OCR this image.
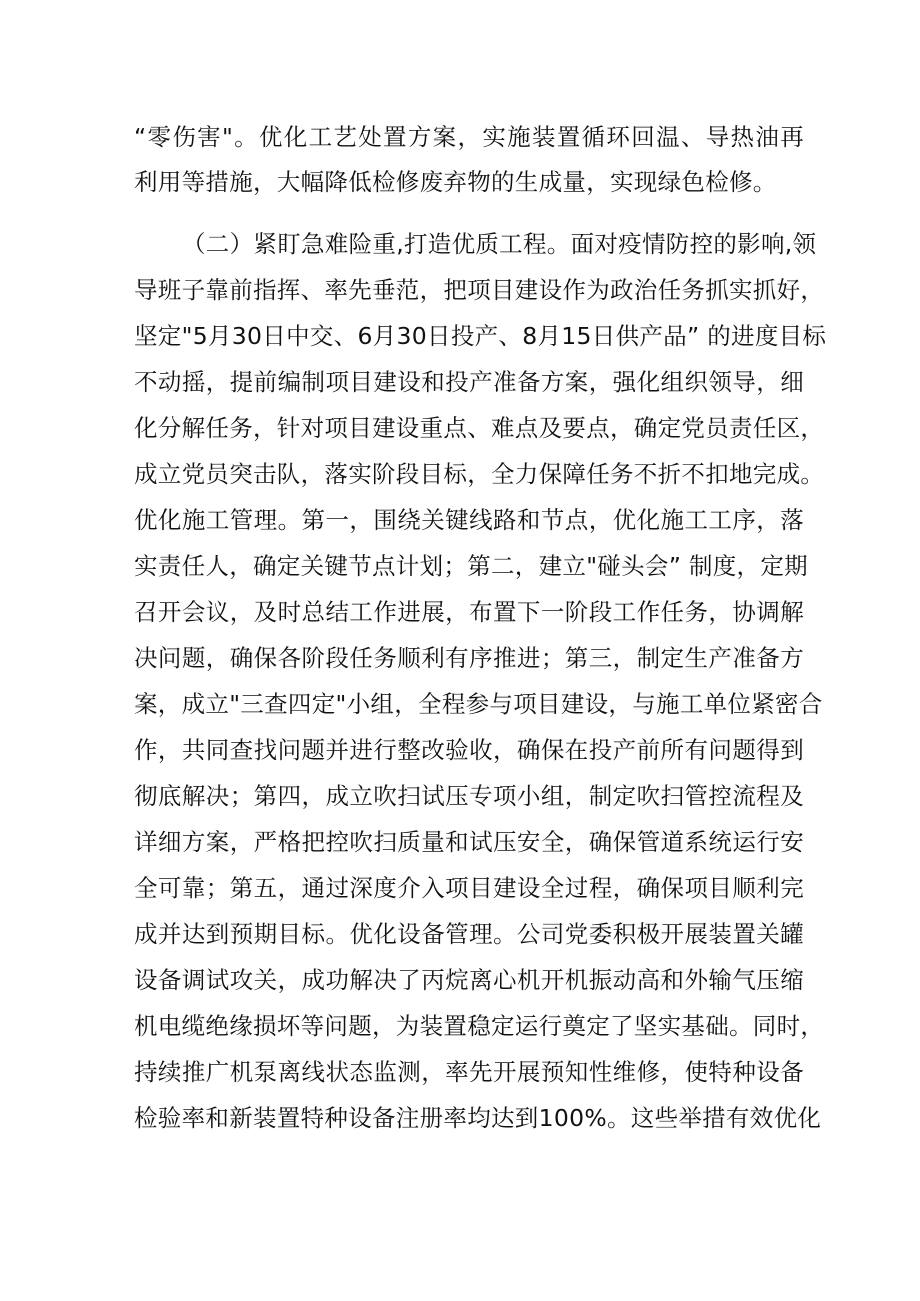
“零伤害"。优化工艺处置方案，实施装置循环回温、导热油再
利用等措施，大幅降低检修废弃物的生成量，实现绿色检修。
（二）紧盯急难险重,打造优质工程。面对疫情防控的影响,领
导班子靠前指挥、率先垂范，把项目建设作为政治任务抓实抓好，
坚定"5月30日中交、6月30日投产、8月15日供产品” 的进度目标
不动摇，提前编制项目建设和投产准备方案，强化组织领导，细
化分解任务，针对项目建设重点、难点及要点，确定党员责任区，
成立党员突击队，落实阶段目标，全力保障任务不折不扣地完成。
优化施工管理。第一，围绕关键线路和节点，优化施工工序，落
实责任人，确定关键节点计划；第二，建立"碰头会” 制度，定期
召开会议，及时总结工作进展，布置下一阶段工作任务，协调解
决问题，确保各阶段任务顺利有序推进；第三，制定生产准备方
案，成立"三查四定"小组，全程参与项目建设，与施工单位紧密合
作，共同查找问题并进行整改验收，确保在投产前所有问题得到
彻底解决；第四，成立吹扫试压专项小组，制定吹扫管控流程及
详细方案，严格把控吹扫质量和试压安全，确保管道系统运行安
全可靠；第五，通过深度介入项目建设全过程，确保项目顺利完
成并达到预期目标。优化设备管理。公司党委积极开展装置关罐
设备调试攻关，成功解决了丙烷离心机开机振动高和外输气压缩
机电缆绝缘损坏等问题，为装置稳定运行奠定了坚实基础。同时，
持续推广机泵离线状态监测，率先开展预知性维修，使特种设备
检验率和新装置特种设备注册率均达到100%。这些举措有效优化
